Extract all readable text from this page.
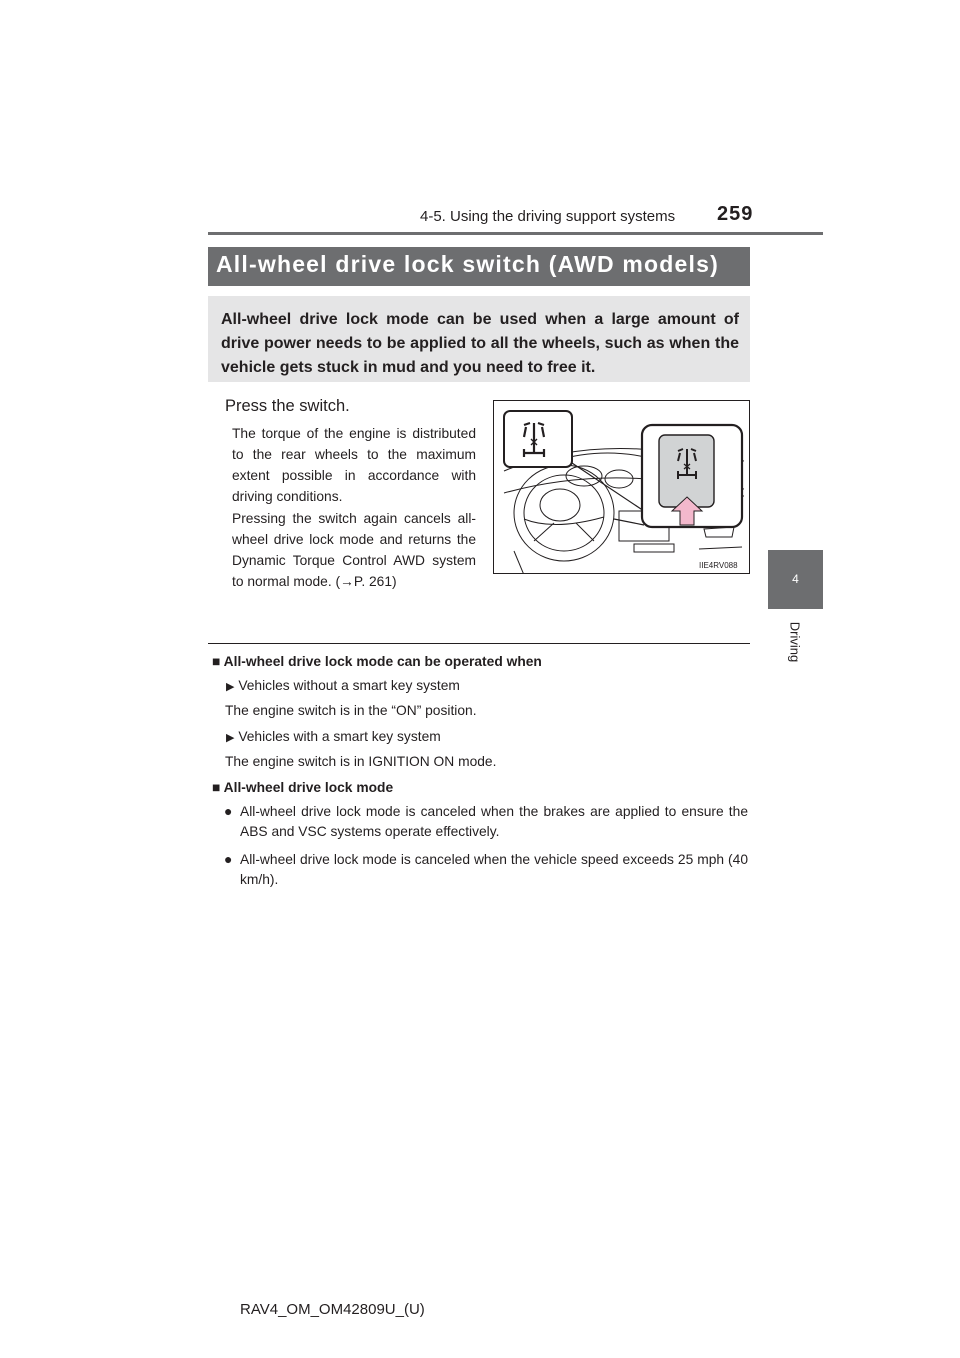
4-5. Using the driving support systems 259
4
Driving
All-wheel drive lock switch (AWD models)
All-wheel drive lock mode can be used when a large amount of drive power needs to be applied to all the wheels, such as when the vehicle gets stuck in mud and you need to free it.
Press the switch.
The torque of the engine is distributed to the rear wheels to the maximum extent possible in accordance with driving conditions.
Pressing the switch again cancels all-wheel drive lock mode and returns the Dynamic Torque Control AWD system to normal mode. (→P. 261)
IIE4RV088
■ All-wheel drive lock mode can be operated when
▶ Vehicles without a smart key system
The engine switch is in the “ON” position.
▶ Vehicles with a smart key system
The engine switch is in IGNITION ON mode.
■ All-wheel drive lock mode
● All-wheel drive lock mode is canceled when the brakes are applied to ensure the ABS and VSC systems operate effectively.
● All-wheel drive lock mode is canceled when the vehicle speed exceeds 25 mph (40 km/h).
RAV4_OM_OM42809U_(U)
